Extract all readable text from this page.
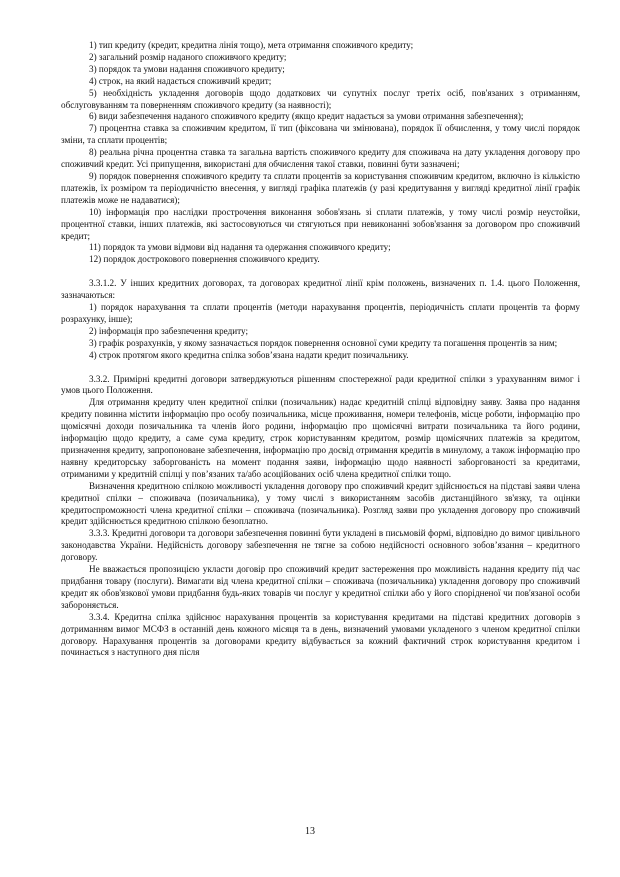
1) тип кредиту (кредит, кредитна лінія тощо), мета отримання споживчого кредиту;

2) загальний розмір наданого споживчого кредиту;

3) порядок та умови надання споживчого кредиту;

4) строк, на який надається споживчий кредит;

5) необхідність укладення договорів щодо додаткових чи супутніх послуг третіх осіб, пов'язаних з отриманням, обслуговуванням та поверненням споживчого кредиту (за наявності);

6) види забезпечення наданого споживчого кредиту (якщо кредит надається за умови отримання забезпечення);

7) процентна ставка за споживчим кредитом, її тип (фіксована чи змінювана), порядок її обчислення, у тому числі порядок зміни, та сплати процентів;

8) реальна річна процентна ставка та загальна вартість споживчого кредиту для споживача на дату укладення договору про споживчий кредит. Усі припущення, використані для обчислення такої ставки, повинні бути зазначені;

9) порядок повернення споживчого кредиту та сплати процентів за користування споживчим кредитом, включно із кількістю платежів, їх розміром та періодичністю внесення, у вигляді графіка платежів (у разі кредитування у вигляді кредитної лінії графік платежів може не надаватися);

10) інформація про наслідки прострочення виконання зобов'язань зі сплати платежів, у тому числі розмір неустойки, процентної ставки, інших платежів, які застосовуються чи стягуються при невиконанні зобов'язання за договором про споживчий кредит;

11) порядок та умови відмови від надання та одержання споживчого кредиту;

12) порядок дострокового повернення споживчого кредиту.

3.3.1.2. У інших кредитних договорах, та договорах кредитної лінії крім положень, визначених п. 1.4. цього Положення, зазначаються:

1) порядок нарахування та сплати процентів (методи нарахування процентів, періодичність сплати процентів та форму розрахунку, інше);

2) інформація про забезпечення кредиту;

3) графік розрахунків, у якому зазначається порядок повернення основної суми кредиту та погашення процентів за ним;

4) строк протягом якого кредитна спілка зобов’язана надати кредит позичальнику.

3.3.2. Примірні кредитні договори затверджуються рішенням спостережної ради кредитної спілки з урахуванням вимог і умов цього Положення.

Для отримання кредиту член кредитної спілки (позичальник) надає кредитній спілці відповідну заяву. Заява про надання кредиту повинна містити інформацію про особу позичальника, місце проживання, номери телефонів, місце роботи, інформацію про щомісячні доходи позичальника та членів його родини, інформацію про щомісячні витрати позичальника та його родини, інформацію щодо кредиту, а саме сума кредиту, строк користуванням кредитом, розмір щомісячних платежів за кредитом, призначення кредиту, запропоноване забезпечення, інформацію про досвід отримання кредитів в минулому, а також інформацію про наявну кредиторську заборгованість на момент подання заяви, інформацію щодо наявності заборгованості за кредитами, отриманими у кредитній спілці у пов’язаних та/або асоційованих осіб члена кредитної спілки тощо.

Визначення кредитною спілкою можливості укладення договору про споживчий кредит здійснюється на підставі заяви члена кредитної спілки – споживача (позичальника), у тому числі з використанням засобів дистанційного зв'язку, та оцінки кредитоспроможності члена кредитної спілки – споживача (позичальника). Розгляд заяви про укладення договору про споживчий кредит здійснюється кредитною спілкою безоплатно.

3.3.3. Кредитні договори та договори забезпечення повинні бути укладені в письмовій формі, відповідно до вимог цивільного законодавства України. Недійсність договору забезпечення не тягне за собою недійсності основного зобов’язання – кредитного договору.

Не вважається пропозицією укласти договір про споживчий кредит застереження про можливість надання кредиту під час придбання товару (послуги). Вимагати від члена кредитної спілки – споживача (позичальника) укладення договору про споживчий кредит як обов'язкової умови придбання будь-яких товарів чи послуг у кредитної спілки або у його спорідненої чи пов'язаної особи забороняється.

3.3.4. Кредитна спілка здійснює нарахування процентів за користування кредитами на підставі кредитних договорів з дотриманням вимог МСФЗ в останній день кожного місяця та в день, визначений умовами укладеного з членом кредитної спілки договору. Нарахування процентів за договорами кредиту відбувається за кожний фактичний строк користування кредитом і починається з наступного дня після

13
